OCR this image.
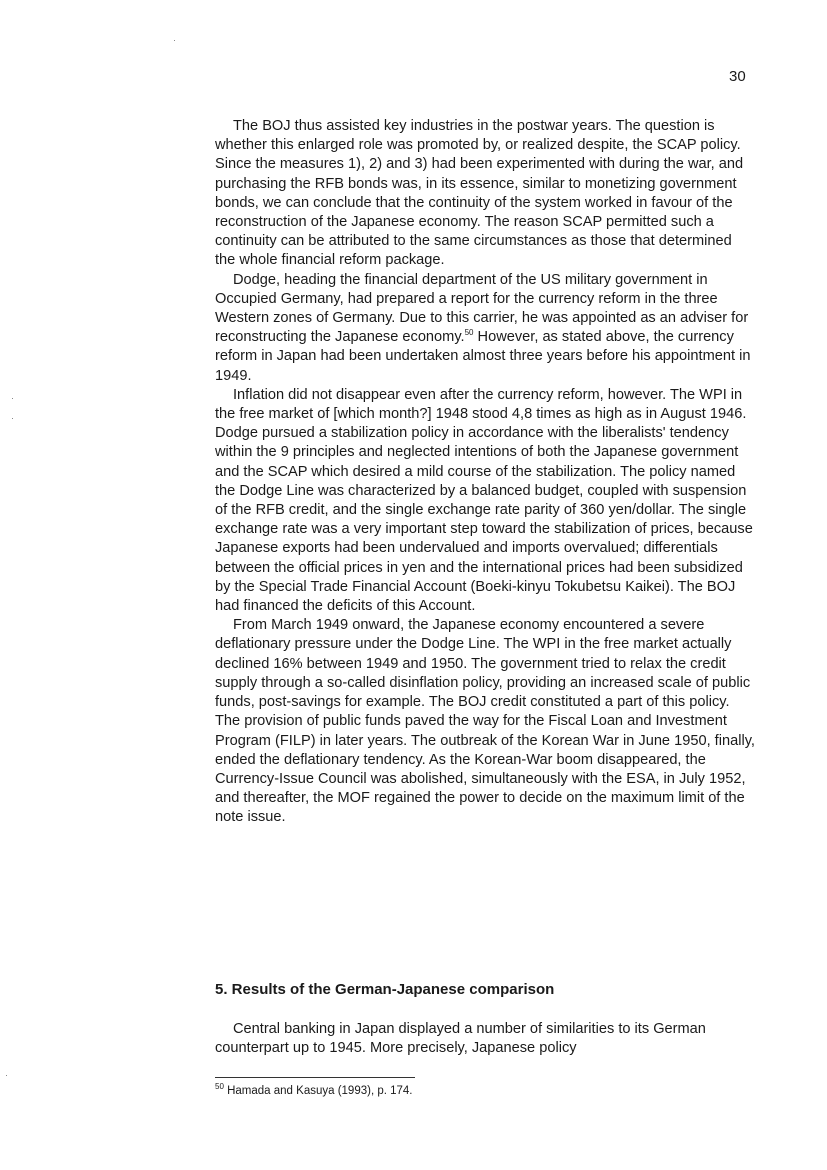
30

The BOJ thus assisted key industries in the postwar years. The question is whether this enlarged role was promoted by, or realized despite, the SCAP policy. Since the measures 1), 2) and 3) had been experimented with during the war, and purchasing the RFB bonds was, in its essence, similar to monetizing government bonds, we can conclude that the continuity of the system worked in favour of the reconstruction of the Japanese economy. The reason SCAP permitted such a continuity can be attributed to the same circumstances as those that determined the whole financial reform package.

Dodge, heading the financial department of the US military government in Occupied Germany, had prepared a report for the currency reform in the three Western zones of Germany. Due to this carrier, he was appointed as an adviser for reconstructing the Japanese economy.$^{50}$ However, as stated above, the currency reform in Japan had been undertaken almost three years before his appointment in 1949.

Inflation did not disappear even after the currency reform, however. The WPI in the free market of [which month?] 1948 stood 4,8 times as high as in August 1946. Dodge pursued a stabilization policy in accordance with the liberalists' tendency within the 9 principles and neglected intentions of both the Japanese government and the SCAP which desired a mild course of the stabilization. The policy named the Dodge Line was characterized by a balanced budget, coupled with suspension of the RFB credit, and the single exchange rate parity of 360 yen/dollar. The single exchange rate was a very important step toward the stabilization of prices, because Japanese exports had been undervalued and imports overvalued; differentials between the official prices in yen and the international prices had been subsidized by the Special Trade Financial Account (Boeki-kinyu Tokubetsu Kaikei). The BOJ had financed the deficits of this Account.

From March 1949 onward, the Japanese economy encountered a severe deflationary pressure under the Dodge Line. The WPI in the free market actually declined 16% between 1949 and 1950. The government tried to relax the credit supply through a so-called disinflation policy, providing an increased scale of public funds, post-savings for example. The BOJ credit constituted a part of this policy. The provision of public funds paved the way for the Fiscal Loan and Investment Program (FILP) in later years. The outbreak of the Korean War in June 1950, finally, ended the deflationary tendency. As the Korean-War boom disappeared, the Currency-Issue Council was abolished, simultaneously with the ESA, in July 1952, and thereafter, the MOF regained the power to decide on the maximum limit of the note issue.

5. Results of the German-Japanese comparison

Central banking in Japan displayed a number of similarities to its German counterpart up to 1945. More precisely, Japanese policy

$^{50}$ Hamada and Kasuya (1993), p. 174.
